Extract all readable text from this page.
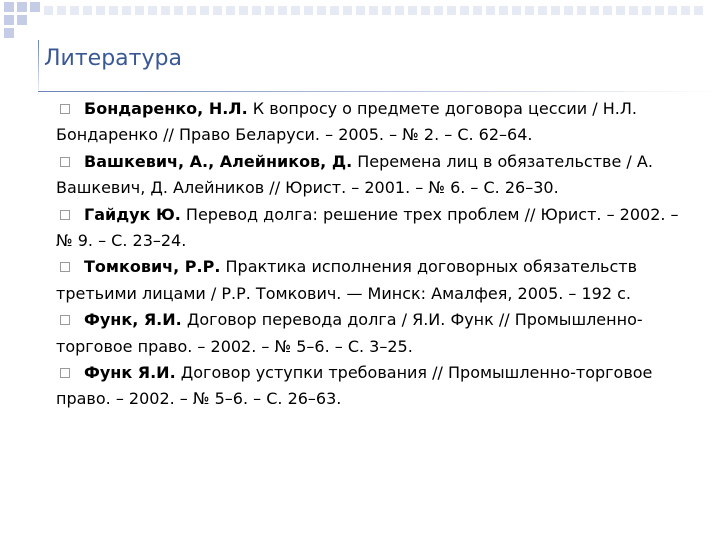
Литература
Бондаренко, Н.Л. К вопросу о предмете договора цессии / Н.Л. Бондаренко // Право Беларуси. – 2005. – № 2. – С. 62–64.
Вашкевич, А., Алейников, Д. Перемена лиц в обязательстве / А. Вашкевич, Д. Алейников // Юрист. – 2001. – № 6. – С. 26–30.
Гайдук Ю. Перевод долга: решение трех проблем // Юрист. – 2002. – № 9. – С. 23–24.
Томкович, Р.Р. Практика исполнения договорных обязательств третьими лицами / Р.Р. Томкович. — Минск: Амалфея, 2005. – 192 с.
Функ, Я.И. Договор перевода долга / Я.И. Функ // Промышленно-торговое право. – 2002. – № 5–6. – С. 3–25.
Функ Я.И. Договор уступки требования // Промышленно-торговое право. – 2002. – № 5–6. – С. 26–63.
